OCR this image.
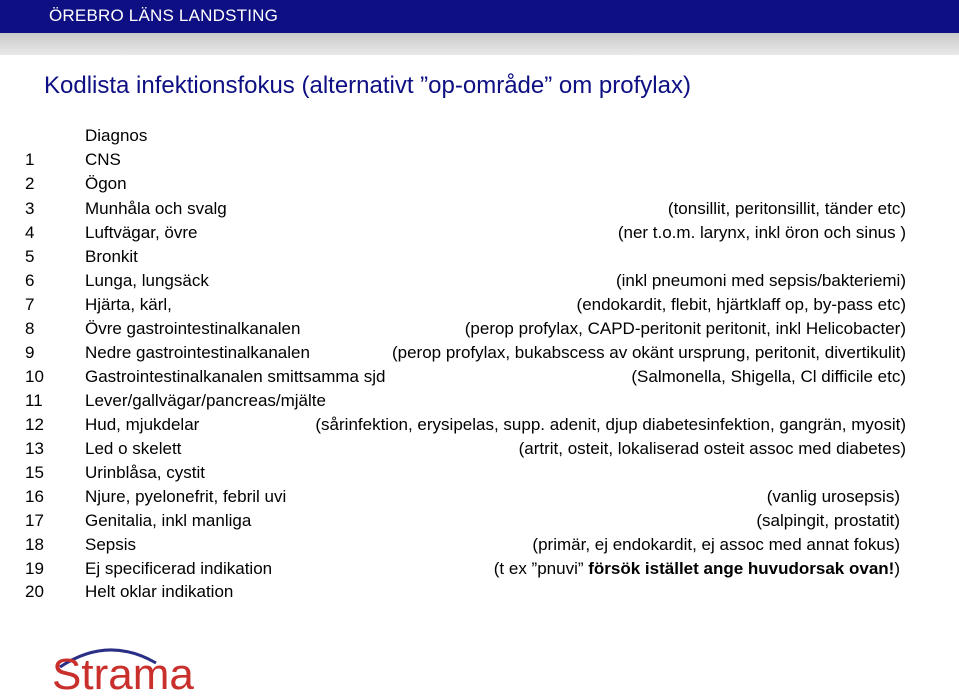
ÖREBRO LÄNS LANDSTING
Kodlista infektionsfokus (alternativt ”op-område” om profylax)
Diagnos
1	CNS
2	Ögon
3	Munhåla och svalg	(tonsillit, peritonsillit, tänder etc)
4	Luftvägar, övre	(ner t.o.m. larynx, inkl öron och sinus )
5	Bronkit
6	Lunga, lungsäck	(inkl pneumoni med sepsis/bakteriemi)
7	Hjärta, kärl,	(endokardit, flebit, hjärtklaff op, by-pass etc)
8	Övre gastrointestinalkanalen	(perop profylax, CAPD-peritonit peritonit, inkl Helicobacter)
9	Nedre gastrointestinalkanalen	(perop profylax, bukabscess av okänt ursprung, peritonit, divertikulit)
10 Gastrointestinalkanalen smittsamma sjd	(Salmonella, Shigella, Cl difficile etc)
11 Lever/gallvägar/pancreas/mjälte
12 Hud, mjukdelar	(sårinfektion, erysipelas, supp. adenit, djup diabetesinfektion, gangrän, myosit)
13 Led o skelett	(artrit, osteit, lokaliserad osteit assoc med diabetes)
15 Urinblåsa, cystit
16 Njure, pyelonefrit, febril uvi	(vanlig urosepsis)
17 Genitalia, inkl manliga	(salpingit, prostatit)
18 Sepsis	(primär, ej endokardit, ej assoc med annat fokus)
19 Ej specificerad indikation	(t ex ”pnuvi” försök istället ange huvudorsak ovan!)
20 Helt oklar indikation
Strama
